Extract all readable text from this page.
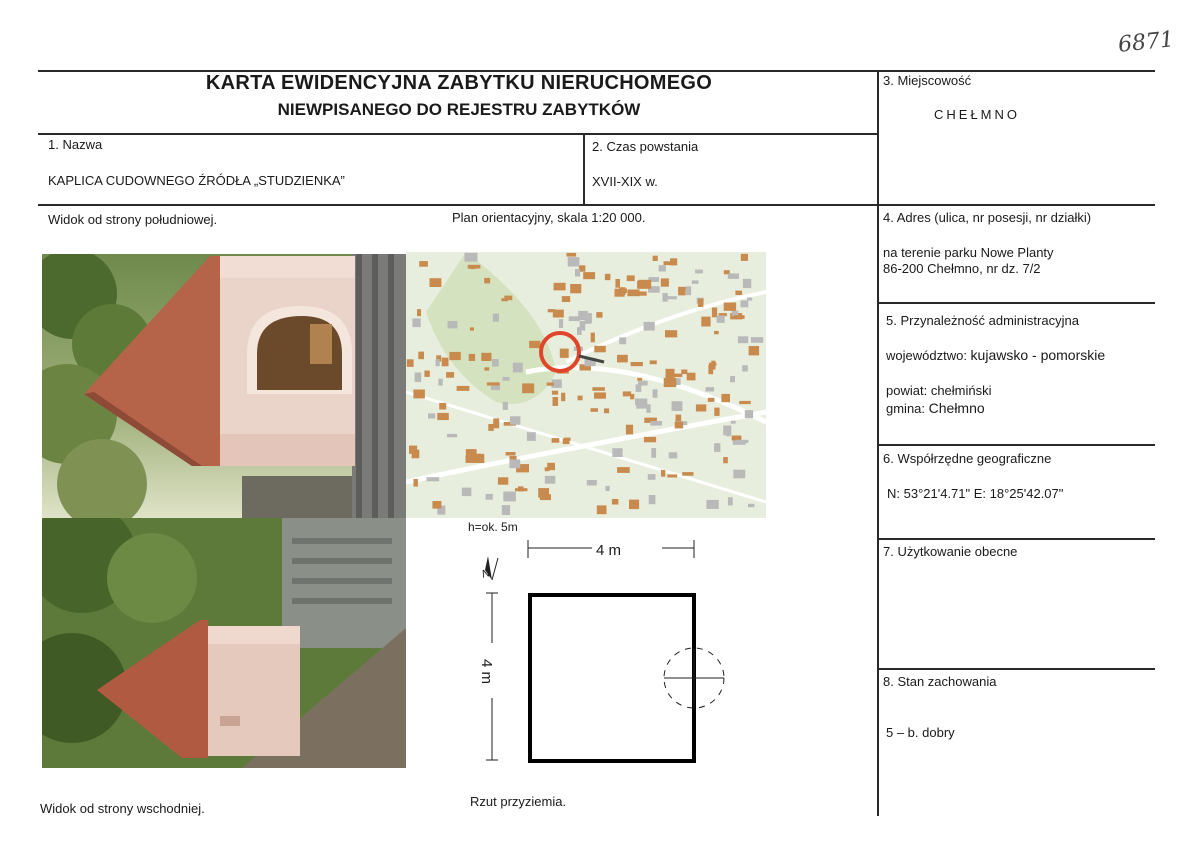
6871
KARTA EWIDENCYJNA ZABYTKU NIERUCHOMEGO
NIEWPISANEGO DO REJESTRU ZABYTKÓW
1. Nazwa
KAPLICA CUDOWNEGO ŹRÓDŁA „STUDZIENKA”
2. Czas powstania
XVII-XIX w.
3. Miejscowość
CHEŁMNO
4. Adres (ulica, nr posesji, nr działki)
na terenie parku Nowe Planty
86-200 Chełmno, nr dz. 7/2
5. Przynależność administracyjna
województwo: kujawsko - pomorskie
powiat: chełmiński
gmina: Chełmno
6. Współrzędne geograficzne
N: 53°21'4.71" E: 18°25'42.07"
7. Użytkowanie obecne
8. Stan zachowania
5 – b. dobry
Widok od strony południowej.	Plan orientacyjny, skala 1:20 000.
Widok od strony wschodniej.	Rzut przyziemia.
h=ok. 5m
4 m
4 m
N
